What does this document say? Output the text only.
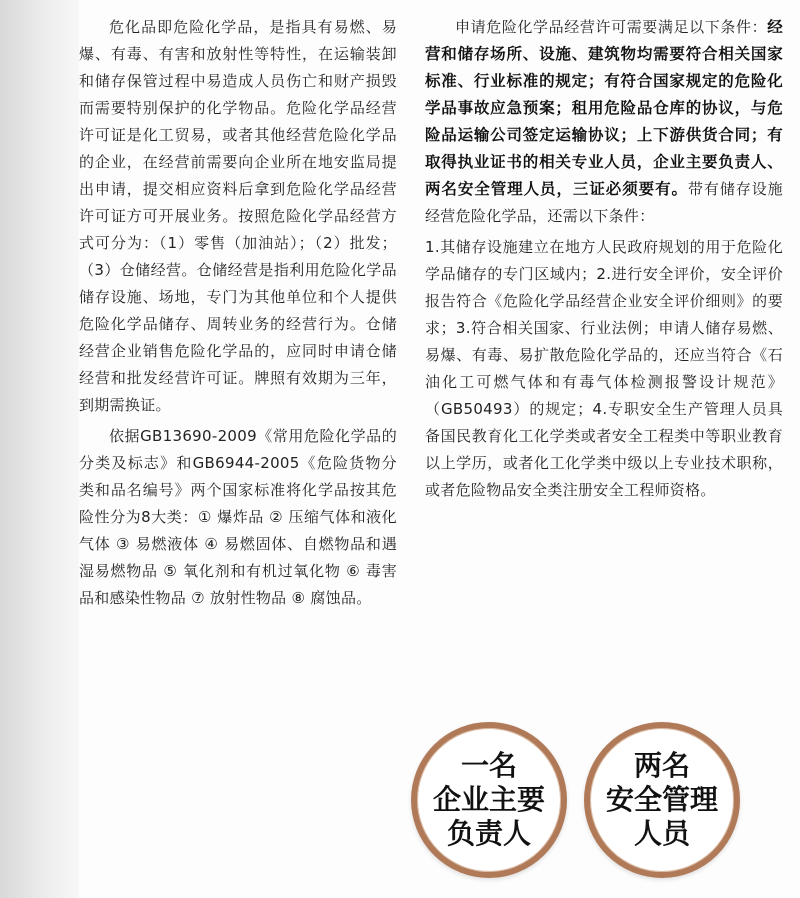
危化品即危险化学品，是指具有易燃、易爆、有毒、有害和放射性等特性，在运输装卸和储存保管过程中易造成人员伤亡和财产损毁而需要特别保护的化学物品。危险化学品经营许可证是化工贸易，或者其他经营危险化学品的企业，在经营前需要向企业所在地安监局提出申请，提交相应资料后拿到危险化学品经营许可证方可开展业务。按照危险化学品经营方式可分为：（1）零售（加油站）；（2）批发；（3）仓储经营。仓储经营是指利用危险化学品储存设施、场地，专门为其他单位和个人提供危险化学品储存、周转业务的经营行为。仓储经营企业销售危险化学品的，应同时申请仓储经营和批发经营许可证。牌照有效期为三年，到期需换证。

依据GB13690-2009《常用危险化学品的分类及标志》和GB6944-2005《危险货物分类和品名编号》两个国家标准将化学品按其危险性分为8大类：① 爆炸品 ② 压缩气体和液化气体 ③ 易燃液体 ④ 易燃固体、自燃物品和遇湿易燃物品 ⑤ 氧化剂和有机过氧化物 ⑥ 毒害品和感染性物品 ⑦ 放射性物品 ⑧ 腐蚀品。

申请危险化学品经营许可需要满足以下条件：经营和储存场所、设施、建筑物均需要符合相关国家标准、行业标准的规定；有符合国家规定的危险化学品事故应急预案；租用危险品仓库的协议，与危险品运输公司签定运输协议；上下游供货合同；有取得执业证书的相关专业人员，企业主要负责人、两名安全管理人员，三证必须要有。带有储存设施经营危险化学品，还需以下条件：

1.其储存设施建立在地方人民政府规划的用于危险化学品储存的专门区域内；2.进行安全评价，安全评价报告符合《危险化学品经营企业安全评价细则》的要求；3.符合相关国家、行业法例；申请人储存易燃、易爆、有毒、易扩散危险化学品的，还应当符合《石油化工可燃气体和有毒气体检测报警设计规范》（GB50493）的规定；4.专职安全生产管理人员具备国民教育化工化学类或者安全工程类中等职业教育以上学历，或者化工化学类中级以上专业技术职称，或者危险物品安全类注册安全工程师资格。

一名
企业主要
负责人
两名
安全管理
人员
